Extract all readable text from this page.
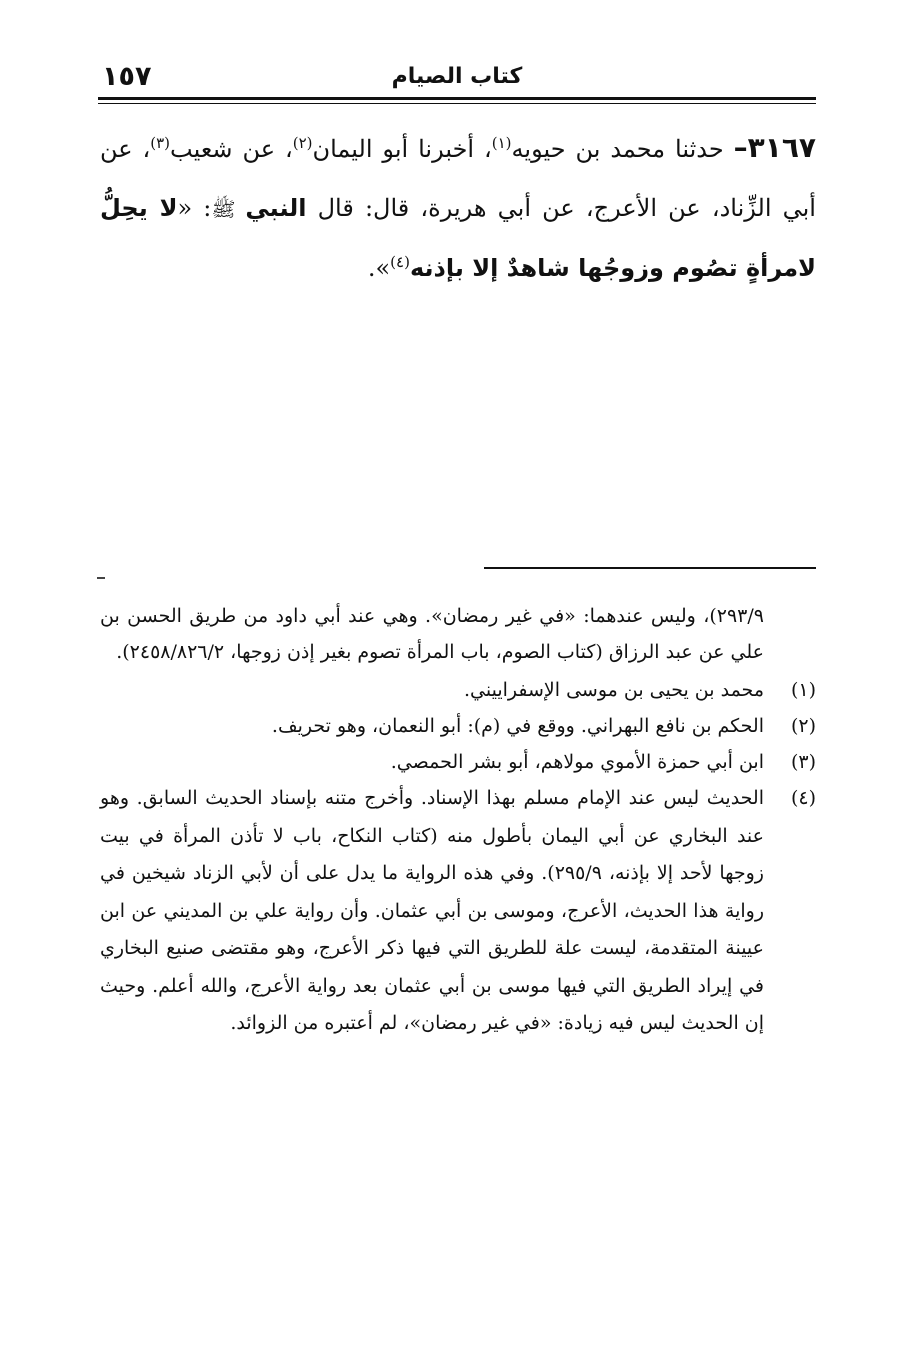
١٥٧	كتاب الصيام

٣١٦٧– حدثنا محمد بن حيويه$^{(١)}$، أخبرنا أبو اليمان$^{(٢)}$، عن شعيب$^{(٣)}$، عن أبي الزِّناد، عن الأعرج، عن أبي هريرة، قال: قال النبي ﷺ: «لا يحِلُّ لامرأةٍ تصُوم وزوجُها شاهدٌ إلا بإذنه$^{(٤)}$».

٢٩٣/٩)، وليس عندهما: «في غير رمضان». وهي عند أبي داود من طريق الحسن بن علي عن عبد الرزاق (كتاب الصوم، باب المرأة تصوم بغير إذن زوجها، ٢٤٥٨/٨٢٦/٢).

(١)محمد بن يحيى بن موسى الإسفراييني.

(٢)الحكم بن نافع البهراني. ووقع في (م): أبو النعمان، وهو تحريف.

(٣)ابن أبي حمزة الأموي مولاهم، أبو بشر الحمصي.

(٤)الحديث ليس عند الإمام مسلم بهذا الإسناد. وأخرج متنه بإسناد الحديث السابق. وهو عند البخاري عن أبي اليمان بأطول منه (كتاب النكاح، باب لا تأذن المرأة في بيت زوجها لأحد إلا بإذنه، ٢٩٥/٩). وفي هذه الرواية ما يدل على أن لأبي الزناد شيخين في رواية هذا الحديث، الأعرج، وموسى بن أبي عثمان. وأن رواية علي بن المديني عن ابن عيينة المتقدمة، ليست علة للطريق التي فيها ذكر الأعرج، وهو مقتضى صنيع البخاري في إيراد الطريق التي فيها موسى بن أبي عثمان بعد رواية الأعرج، والله أعلم. وحيث إن الحديث ليس فيه زيادة: «في غير رمضان»، لم أعتبره من الزوائد.
